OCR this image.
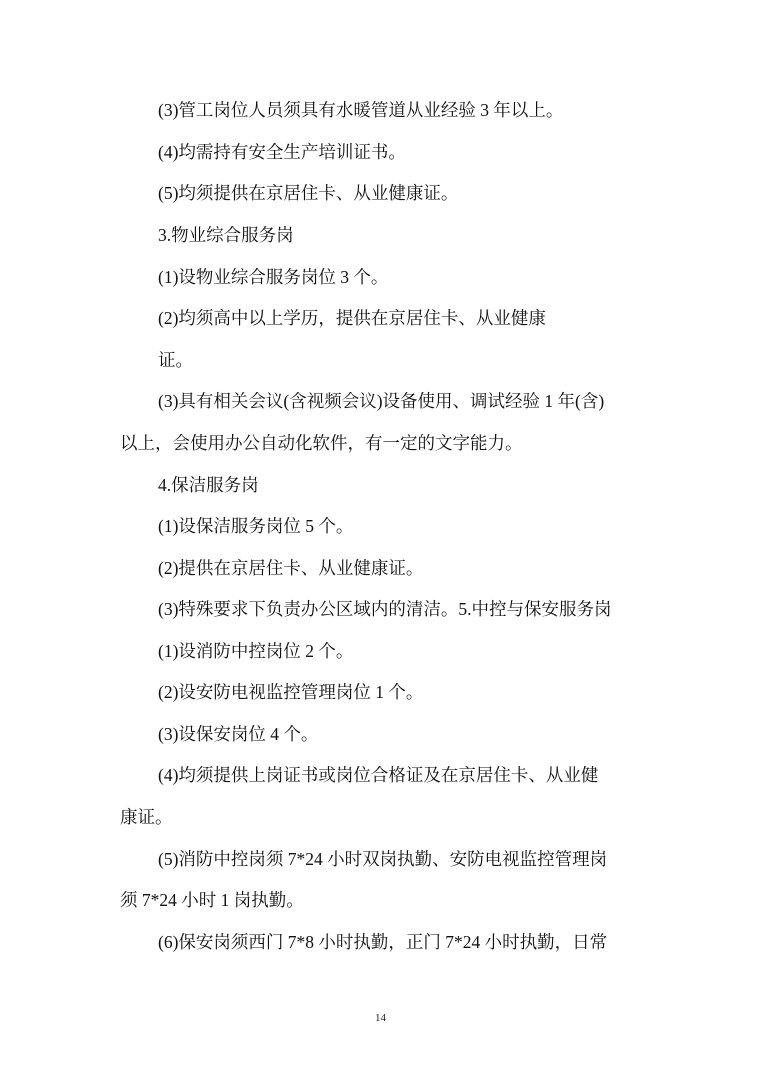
(3)管工岗位人员须具有水暖管道从业经验 3 年以上。
(4)均需持有安全生产培训证书。
(5)均须提供在京居住卡、从业健康证。
3.物业综合服务岗
(1)设物业综合服务岗位 3 个。
(2)均须高中以上学历，提供在京居住卡、从业健康
证。
(3)具有相关会议(含视频会议)设备使用、调试经验 1 年(含)
以上，会使用办公自动化软件，有一定的文字能力。
4.保洁服务岗
(1)设保洁服务岗位 5 个。
(2)提供在京居住卡、从业健康证。
(3)特殊要求下负责办公区域内的清洁。5.中控与保安服务岗
(1)设消防中控岗位 2 个。
(2)设安防电视监控管理岗位 1 个。
(3)设保安岗位 4 个。
(4)均须提供上岗证书或岗位合格证及在京居住卡、从业健
康证。
(5)消防中控岗须 7*24 小时双岗执勤、安防电视监控管理岗
须 7*24 小时 1 岗执勤。
(6)保安岗须西门 7*8 小时执勤，正门 7*24 小时执勤，日常
14
